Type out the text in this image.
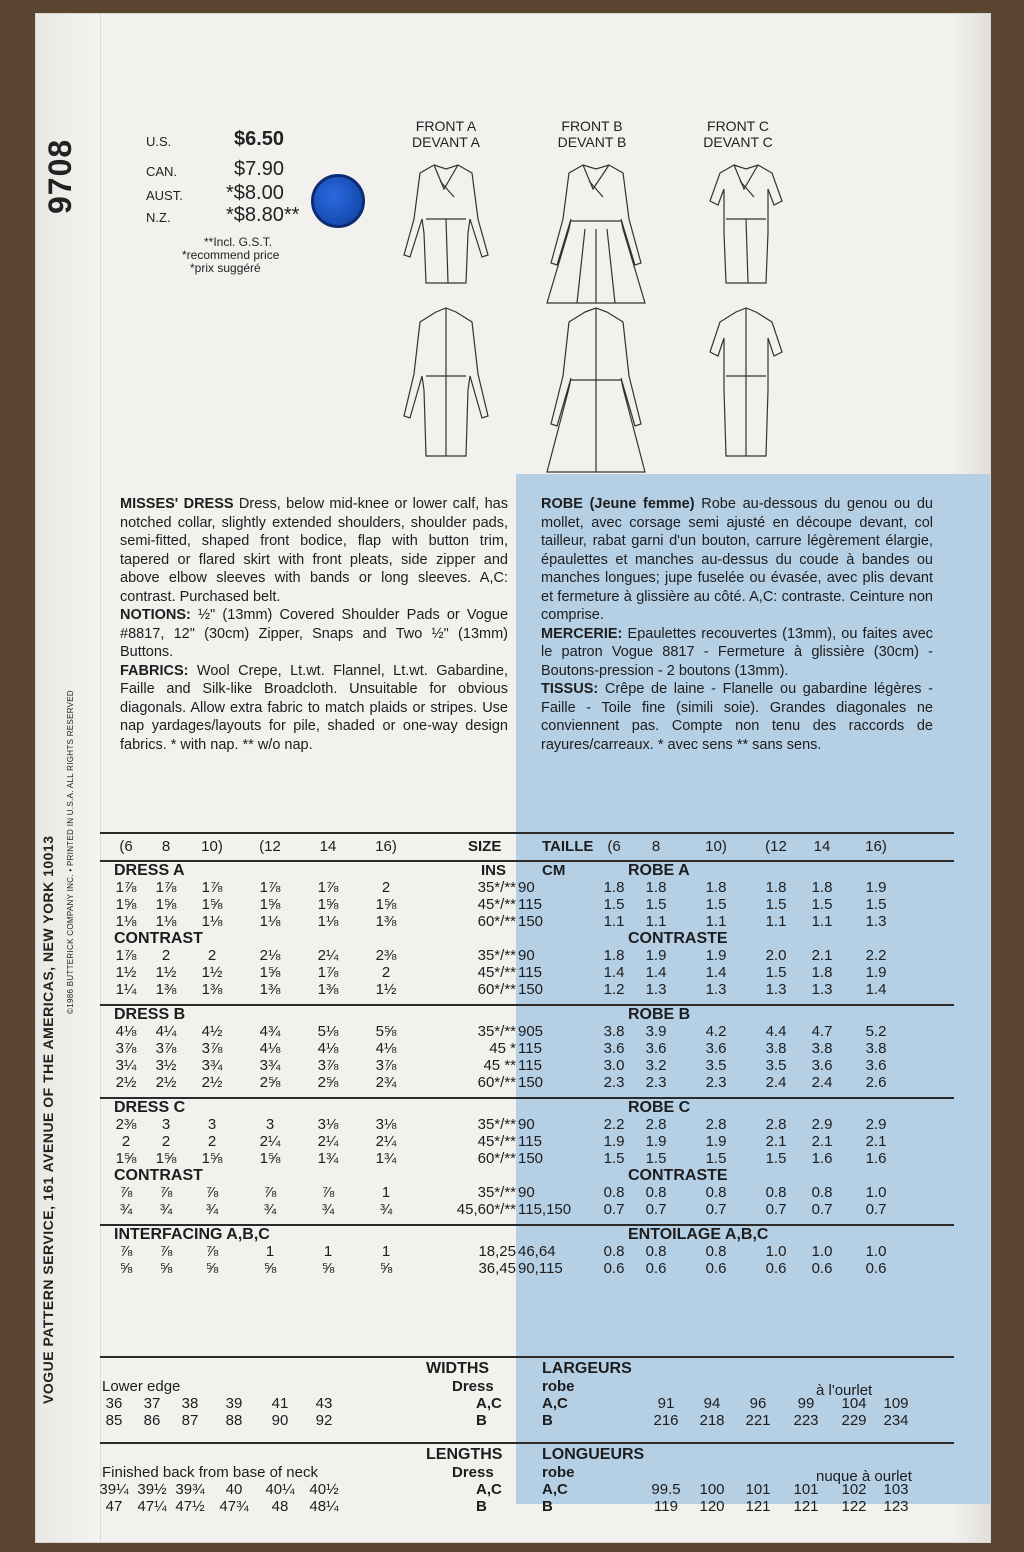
9708
©1986 BUTTERICK COMPANY INC. • PRINTED IN U.S.A. ALL RIGHTS RESERVED
VOGUE PATTERN SERVICE, 161 AVENUE OF THE AMERICAS, NEW YORK 10013
U.S.	$6.50
CAN.	$7.90
AUST. *$8.00
N.Z.	*$8.80**
**Incl. G.S.T.
*recommend price
*prix suggéré
FRONT A
DEVANT A
FRONT B
DEVANT B
FRONT C
DEVANT C

MISSES' DRESS Dress, below mid-knee or lower calf, has notched collar, slightly extended shoulders, shoulder pads, semi-fitted, shaped front bodice, flap with button trim, tapered or flared skirt with front pleats, side zipper and above elbow sleeves with bands or long sleeves. A,C: contrast. Purchased belt.

NOTIONS: ½" (13mm) Covered Shoulder Pads or Vogue #8817, 12" (30cm) Zipper, Snaps and Two ½" (13mm) Buttons.

FABRICS: Wool Crepe, Lt.wt. Flannel, Lt.wt. Gabardine, Faille and Silk-like Broadcloth. Unsuitable for obvious diagonals. Allow extra fabric to match plaids or stripes. Use nap yardages/layouts for pile, shaded or one-way design fabrics. * with nap. ** w/o nap.

ROBE (Jeune femme) Robe au-dessous du genou ou du mollet, avec corsage semi ajusté en découpe devant, col tailleur, rabat garni d'un bouton, carrure légèrement élargie, épaulettes et manches au-dessus du coude à bandes ou manches longues; jupe fuselée ou évasée, avec plis devant et fermeture à glissière au côté. A,C: contraste. Ceinture non comprise.

MERCERIE: Epaulettes recouvertes (13mm), ou faites avec le patron Vogue 8817 - Fermeture à glissière (30cm) - Boutons-pression - 2 boutons (13mm).

TISSUS: Crêpe de laine - Flanelle ou gabardine légères - Faille - Toile fine (simili soie). Grandes diagonales ne conviennent pas. Compte non tenu des raccords de rayures/carreaux. * avec sens ** sans sens.

(6	8	10)	(12	14	16)	SIZE	TAILLE (6	8	10)	(12	14	16)
INS CM
DRESS A	ROBE A
1⅞	1⅞	1⅞	1⅞	1⅞	2	35*/** 90	1.8	1.8	1.8	1.8	1.8	1.9
1⅝	1⅝	1⅝	1⅝	1⅝	1⅝	45*/** 115	1.5	1.5	1.5	1.5	1.5	1.5
1⅛	1⅛	1⅛	1⅛	1⅛	1⅜	60*/** 150	1.1	1.1	1.1	1.1	1.1	1.3
CONTRAST	CONTRASTE
1⅞	2	2	2⅛	2¼	2⅜	35*/** 90	1.8	1.9	1.9	2.0	2.1	2.2
1½	1½	1½	1⅝	1⅞	2	45*/** 115	1.4	1.4	1.4	1.5	1.8	1.9
1¼	1⅜	1⅜	1⅜	1⅜	1½	60*/** 150	1.2	1.3	1.3	1.3	1.3	1.4
DRESS B	ROBE B
4⅛	4¼	4½	4¾	5⅛	5⅝	35*/** 905	3.8	3.9	4.2	4.4	4.7	5.2
3⅞	3⅞	3⅞	4⅛	4⅛	4⅛	45 * 115	3.6	3.6	3.6	3.8	3.8	3.8
3¼	3½	3¾	3¾	3⅞	3⅞	45 ** 115	3.0	3.2	3.5	3.5	3.6	3.6
2½	2½	2½	2⅝	2⅝	2¾	60*/** 150	2.3	2.3	2.3	2.4	2.4	2.6
DRESS C	ROBE C
2⅜	3	3	3	3⅛	3⅛	35*/** 90	2.2	2.8	2.8	2.8	2.9	2.9
2	2	2	2¼	2¼	2¼	45*/** 115	1.9	1.9	1.9	2.1	2.1	2.1
1⅝	1⅝	1⅝	1⅝	1¾	1¾	60*/** 150	1.5	1.5	1.5	1.5	1.6	1.6
CONTRAST	CONTRASTE
⅞	⅞	⅞	⅞	⅞	1	35*/** 90	0.8	0.8	0.8	0.8	0.8	1.0
¾	¾	¾	¾	¾	¾	45,60*/** 115,150	0.7	0.7	0.7	0.7	0.7	0.7
INTERFACING A,B,C	ENTOILAGE A,B,C
⅞	⅞	⅞	1	1	1	18,25 46,64	0.8	0.8	0.8	1.0	1.0	1.0
⅝	⅝	⅝	⅝	⅝	⅝	36,45 90,115	0.6	0.6	0.6	0.6	0.6	0.6
WIDTHS	LARGEURS
Lower edge	Dress	robe	à l'ourlet
36	37	38	39	41	43	A,C	A,C	91	94	96	99	104	109
85	86	87	88	90	92	B	B	216	218	221	223	229	234
LENGTHS LONGUEURS
Finished back from base of neck	Dress	robe	nuque à ourlet
39¼ 39½ 39¾	40	40¼ 40½	A,C	A,C	99.5	100	101	101	102	103
47	47¼ 47½ 47¾	48	48¼	B	B	119	120	121	121	122	123
